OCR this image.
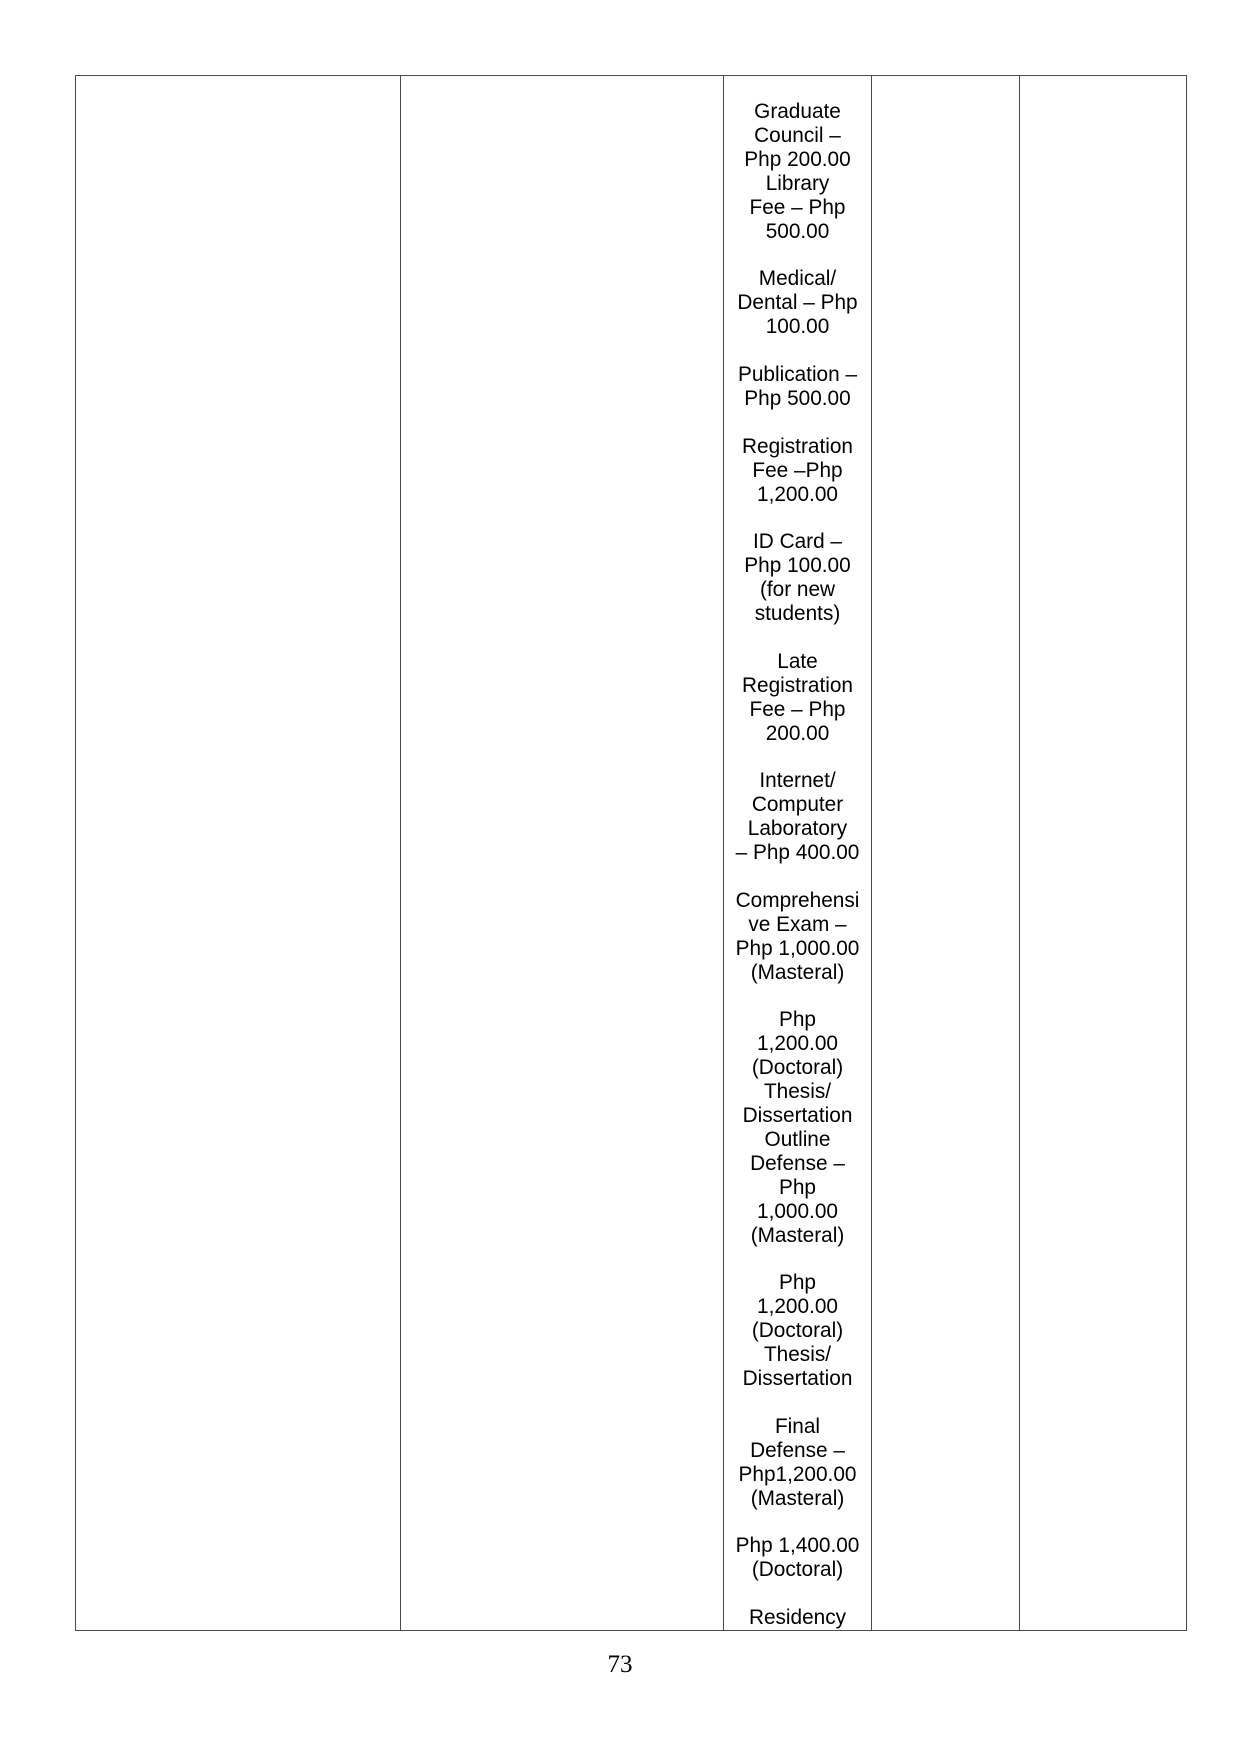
Graduate
Council –
Php 200.00
Library
Fee – Php
500.00
Medical/
Dental – Php
100.00
Publication –
Php 500.00
Registration
Fee –Php
1,200.00
ID Card –
Php 100.00
(for new
students)
Late
Registration
Fee – Php
200.00
Internet/
Computer
Laboratory
– Php 400.00
Comprehensi
ve Exam –
Php 1,000.00
(Masteral)
Php
1,200.00
(Doctoral)
Thesis/
Dissertation
Outline
Defense –
Php
1,000.00
(Masteral)
Php
1,200.00
(Doctoral)
Thesis/
Dissertation
Final
Defense –
Php1,200.00
(Masteral)
Php 1,400.00
(Doctoral)
Residency
73
